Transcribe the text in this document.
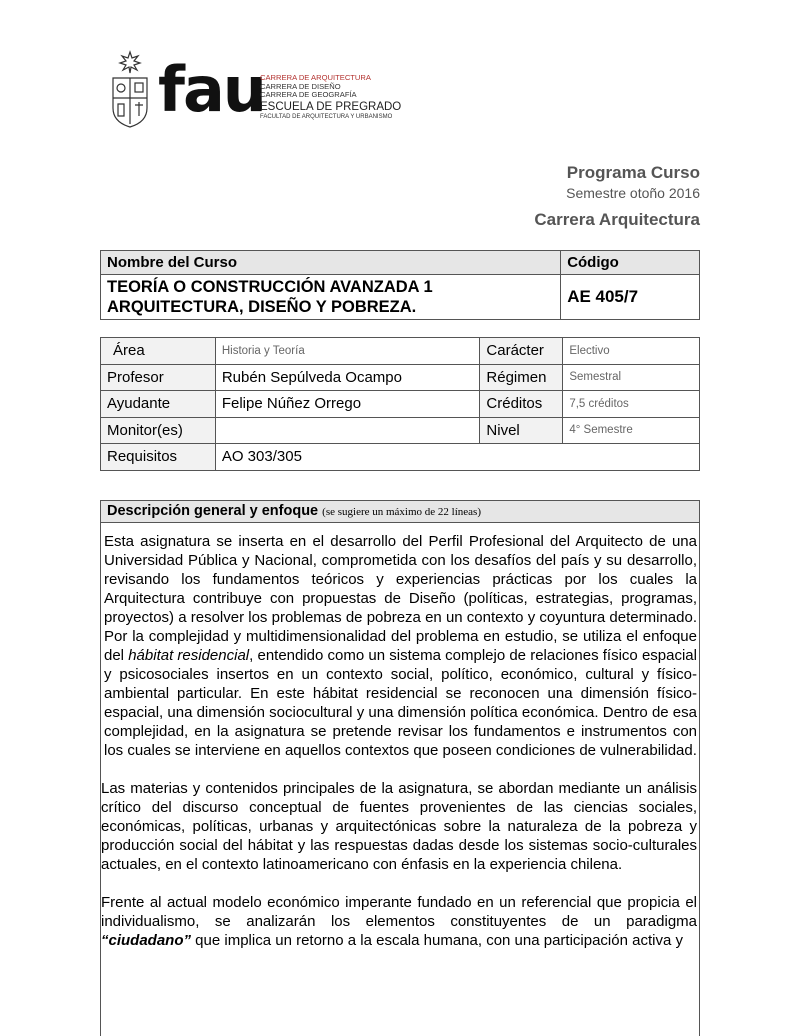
fau
CARRERA DE ARQUITECTURA
CARRERA DE DISEÑO
CARRERA DE GEOGRAFÍA
ESCUELA DE PREGRADO
FACULTAD DE ARQUITECTURA Y URBANISMO
Programa Curso
Semestre otoño 2016
Carrera Arquitectura
Nombre del Curso	Código

TEORÍA O CONSTRUCCIÓN AVANZADA 1
ARQUITECTURA, DISEÑO Y POBREZA.	AE 405/7
Área	Historia y Teoría	Carácter	Electivo
Profesor	Rubén Sepúlveda Ocampo	Régimen	Semestral
Ayudante	Felipe Núñez Orrego	Créditos	7,5 créditos
Monitor(es)		Nivel	4° Semestre
Requisitos	AO 303/305		
Descripción general y enfoque (se sugiere un máximo de 22 líneas)

Esta asignatura se inserta en el desarrollo del Perfil Profesional del Arquitecto de una Universidad Pública y Nacional, comprometida con los desafíos del país y su desarrollo, revisando los fundamentos teóricos y experiencias prácticas por los cuales la Arquitectura contribuye con propuestas de Diseño (políticas, estrategias, programas, proyectos) a resolver los problemas de pobreza en un contexto y coyuntura determinado. Por la complejidad y multidimensionalidad del problema en estudio, se utiliza el enfoque del hábitat residencial, entendido como un sistema complejo de relaciones físico espacial y psicosociales insertos en un contexto social, político, económico, cultural y físico-ambiental particular. En este hábitat residencial se reconocen una dimensión físico-espacial, una dimensión sociocultural y una dimensión política económica. Dentro de esa complejidad, en la asignatura se pretende revisar los fundamentos e instrumentos con los cuales se interviene en aquellos contextos que poseen condiciones de vulnerabilidad.

Las materias y contenidos principales de la asignatura, se abordan mediante un análisis crítico del discurso conceptual de fuentes provenientes de las ciencias sociales, económicas, políticas, urbanas y arquitectónicas sobre la naturaleza de la pobreza y producción social del hábitat y las respuestas dadas desde los sistemas socio-culturales actuales, en el contexto latinoamericano con énfasis en la experiencia chilena.

Frente al actual modelo económico imperante fundado en un referencial que propicia el individualismo, se analizarán los elementos constituyentes de un paradigma “ciudadano” que implica un retorno a la escala humana, con una participación activa y
